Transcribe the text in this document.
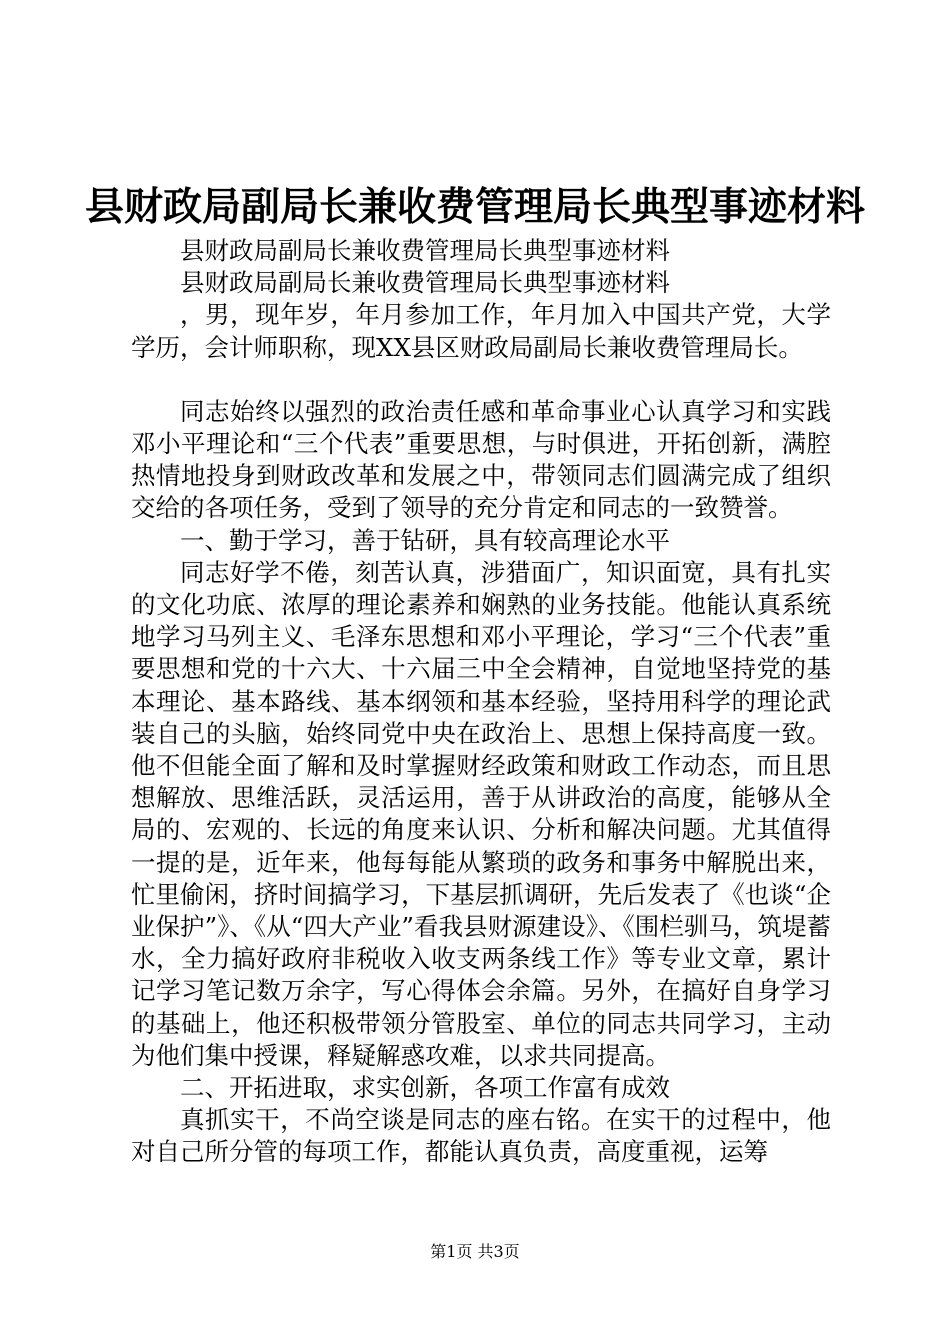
县财政局副局长兼收费管理局长典型事迹材料

县财政局副局长兼收费管理局长典型事迹材料

县财政局副局长兼收费管理局长典型事迹材料

，男，现年岁，年月参加工作，年月加入中国共产党，大学学历，会计师职称，现XX县区财政局副局长兼收费管理局长。

同志始终以强烈的政治责任感和革命事业心认真学习和实践邓小平理论和“三个代表”重要思想，与时俱进，开拓创新，满腔热情地投身到财政改革和发展之中，带领同志们圆满完成了组织交给的各项任务，受到了领导的充分肯定和同志的一致赞誉。

一、勤于学习，善于钻研，具有较高理论水平

同志好学不倦，刻苦认真，涉猎面广，知识面宽，具有扎实的文化功底、浓厚的理论素养和娴熟的业务技能。他能认真系统地学习马列主义、毛泽东思想和邓小平理论，学习“三个代表”重要思想和党的十六大、十六届三中全会精神，自觉地坚持党的基本理论、基本路线、基本纲领和基本经验，坚持用科学的理论武装自己的头脑，始终同党中央在政治上、思想上保持高度一致。他不但能全面了解和及时掌握财经政策和财政工作动态，而且思想解放、思维活跃，灵活运用，善于从讲政治的高度，能够从全局的、宏观的、长远的角度来认识、分析和解决问题。尤其值得一提的是，近年来，他每每能从繁琐的政务和事务中解脱出来，忙里偷闲，挤时间搞学习，下基层抓调研，先后发表了《也谈“企业保护”》、《从“四大产业”看我县财源建设》、《围栏驯马，筑堤蓄水，全力搞好政府非税收入收支两条线工作》等专业文章，累计记学习笔记数万余字，写心得体会余篇。另外，在搞好自身学习的基础上，他还积极带领分管股室、单位的同志共同学习，主动为他们集中授课，释疑解惑攻难，以求共同提高。

二、开拓进取，求实创新，各项工作富有成效

真抓实干，不尚空谈是同志的座右铭。在实干的过程中，他对自己所分管的每项工作，都能认真负责，高度重视，运筹

第1页 共3页
